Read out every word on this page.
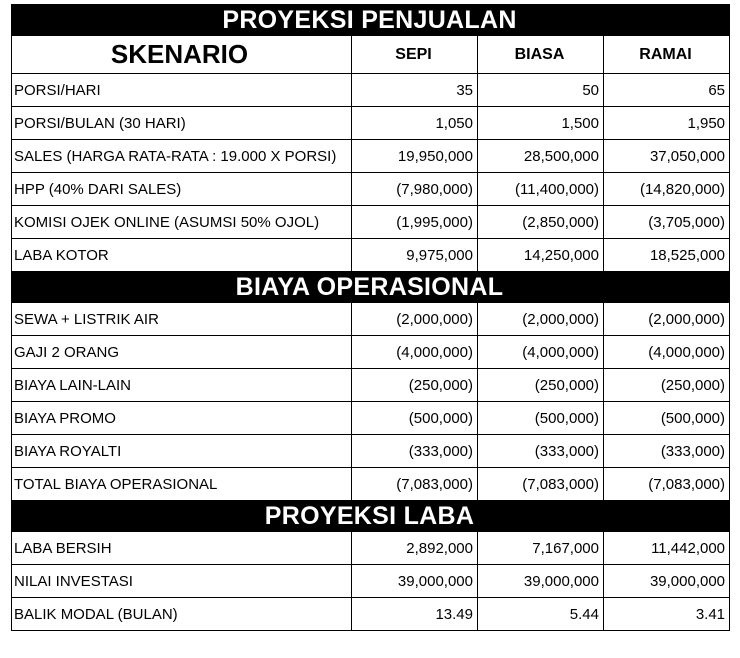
PROYEKSI PENJUALAN			
SKENARIO	SEPI	BIASA	RAMAI
PORSI/HARI	35	50	65
PORSI/BULAN (30 HARI)	1,050	1,500	1,950
SALES (HARGA RATA-RATA : 19.000 X PORSI)	19,950,000	28,500,000	37,050,000
HPP (40% DARI SALES)	(7,980,000)	(11,400,000)	(14,820,000)
KOMISI OJEK ONLINE (ASUMSI 50% OJOL)	(1,995,000)	(2,850,000)	(3,705,000)
LABA KOTOR	9,975,000	14,250,000	18,525,000
BIAYA OPERASIONAL			
SEWA + LISTRIK AIR	(2,000,000)	(2,000,000)	(2,000,000)
GAJI 2 ORANG	(4,000,000)	(4,000,000)	(4,000,000)
BIAYA LAIN-LAIN	(250,000)	(250,000)	(250,000)
BIAYA PROMO	(500,000)	(500,000)	(500,000)
BIAYA ROYALTI	(333,000)	(333,000)	(333,000)
TOTAL BIAYA OPERASIONAL	(7,083,000)	(7,083,000)	(7,083,000)
PROYEKSI LABA			
LABA BERSIH	2,892,000	7,167,000	11,442,000
NILAI INVESTASI	39,000,000	39,000,000	39,000,000
BALIK MODAL (BULAN)	13.49	5.44	3.41
